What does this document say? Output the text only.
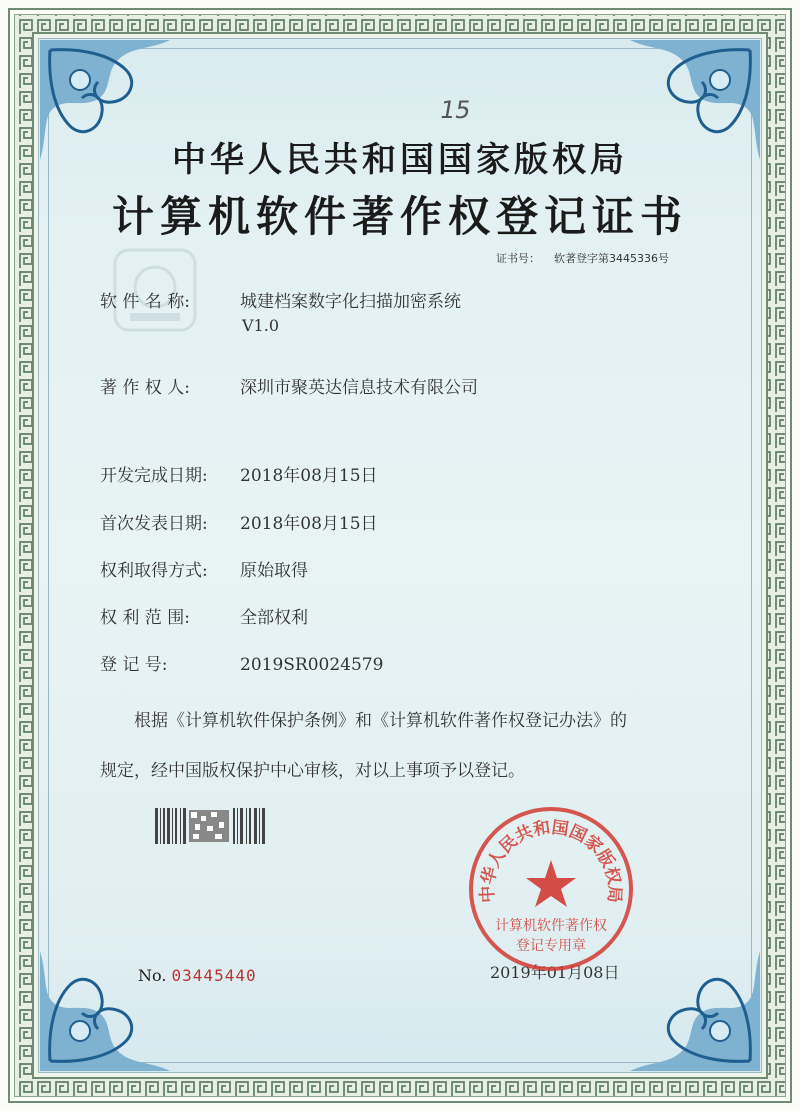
15
中华人民共和国国家版权局
计算机软件著作权登记证书
证书号： 软著登字第3445336号
软 件 名 称:	城建档案数字化扫描加密系统
V1.0
著 作 权 人:	深圳市聚英达信息技术有限公司
开发完成日期: 2018年08月15日
首次发表日期: 2018年08月15日
权利取得方式: 原始取得
权 利 范 围:	全部权利
登 记 号:	2019SR0024579
根据《计算机软件保护条例》和《计算机软件著作权登记办法》的
规定，经中国版权保护中心审核，对以上事项予以登记。
No. 03445440	2019年01月08日
中华人民共和国国家版权局
计算机软件著作权
登记专用章
